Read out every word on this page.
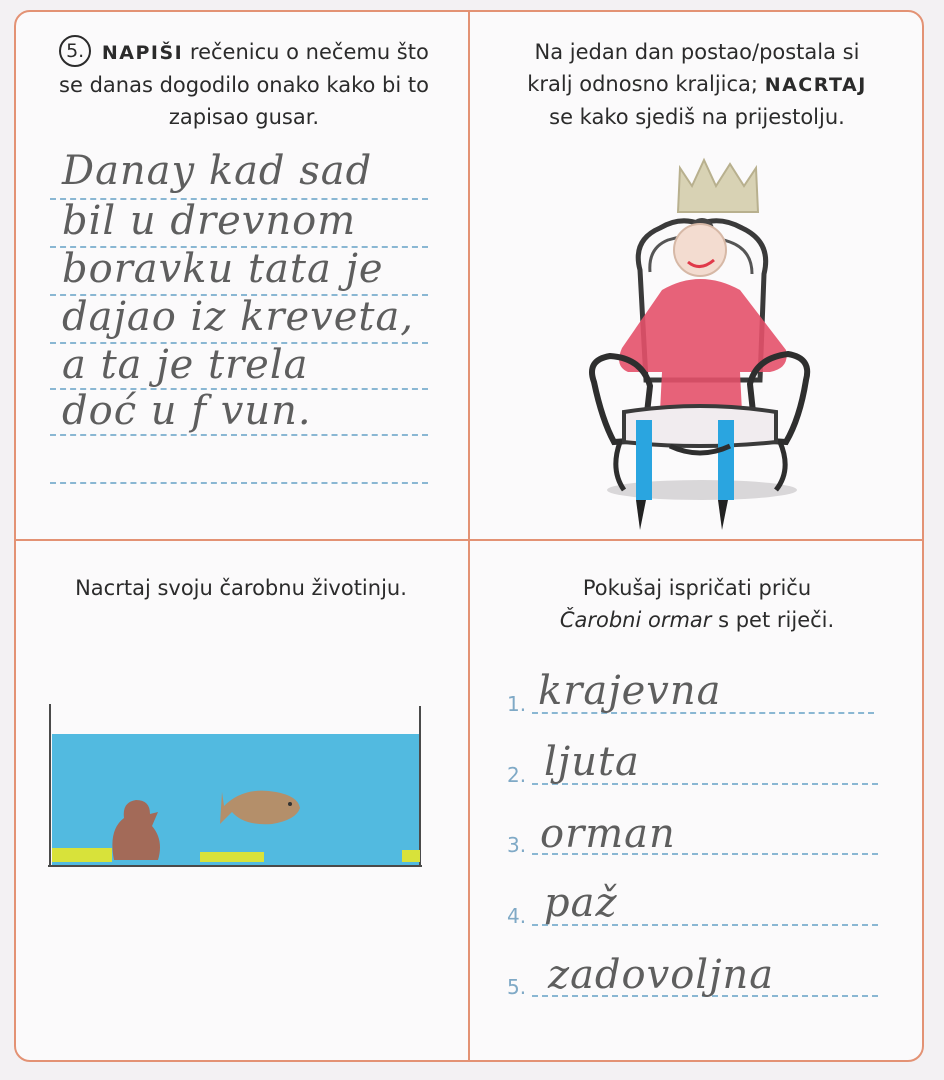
5. NAPIŠI rečenicu o nečemu što
se danas dogodilo onako kako bi to
zapisao gusar.
Danay kad sad
bil u drevnom
boravku tata je
dajao iz kreveta,
a ta je trela
doć u f vun.
Na jedan dan postao/postala si
kralj odnosno kraljica; NACRTAJ
se kako sjediš na prijestolju.
Nacrtaj svoju čarobnu životinju.	Pokušaj ispričati priču
Čarobni ormar s pet riječi.
1. krajevna
2. ljuta
3. orman
4. paž
5. zadovoljna
